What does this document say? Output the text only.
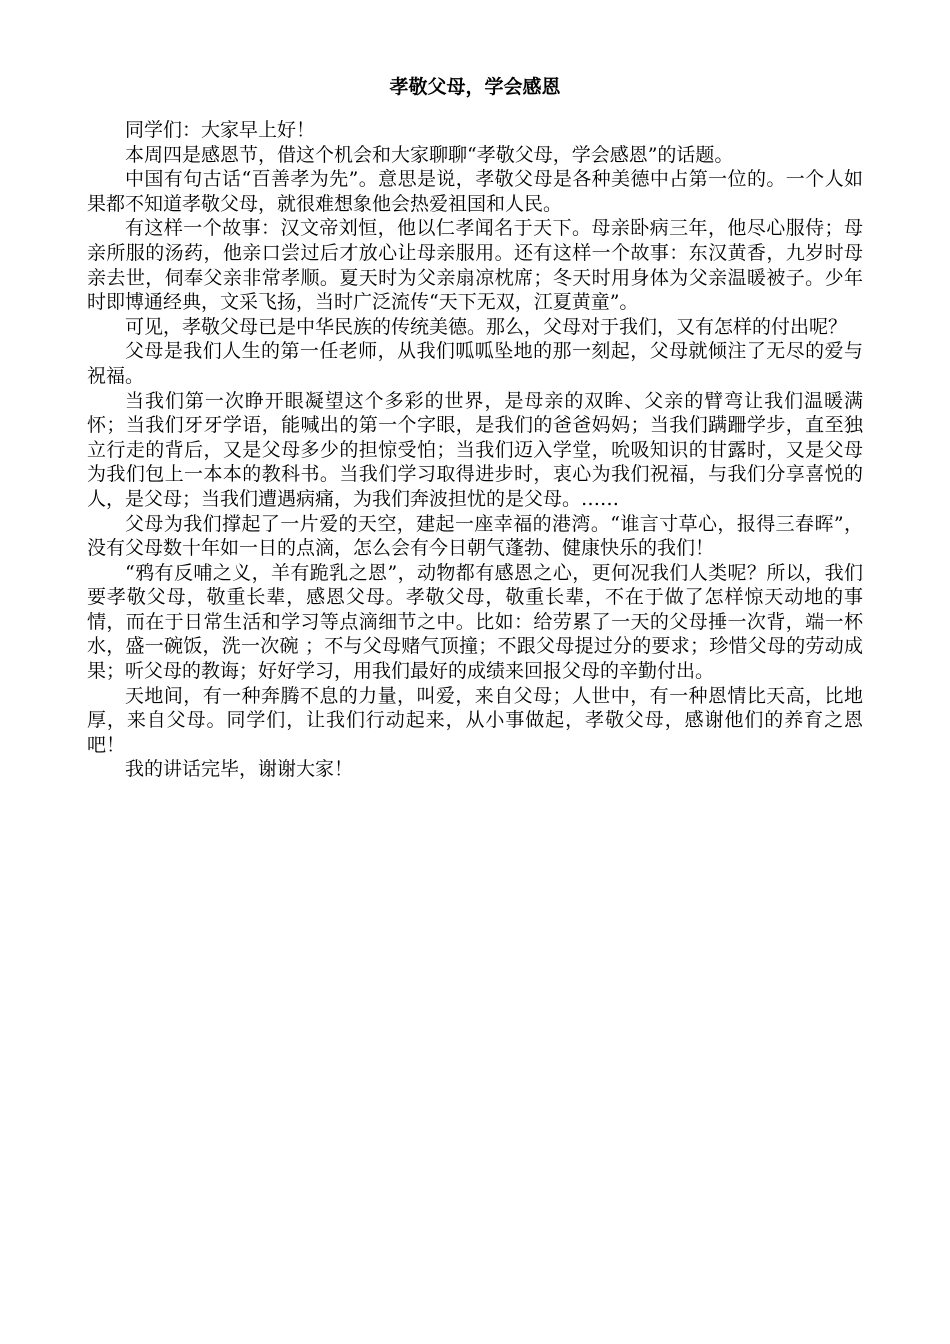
孝敬父母，学会感恩

同学们：大家早上好！

本周四是感恩节，借这个机会和大家聊聊“孝敬父母，学会感恩”的话题。

中国有句古话“百善孝为先”。意思是说，孝敬父母是各种美德中占第一位的。一个人如果都不知道孝敬父母，就很难想象他会热爱祖国和人民。

有这样一个故事：汉文帝刘恒，他以仁孝闻名于天下。母亲卧病三年，他尽心服侍；母亲所服的汤药，他亲口尝过后才放心让母亲服用。还有这样一个故事：东汉黄香，九岁时母亲去世，伺奉父亲非常孝顺。夏天时为父亲扇凉枕席；冬天时用身体为父亲温暖被子。少年时即博通经典，文采飞扬，当时广泛流传“天下无双，江夏黄童”。

可见，孝敬父母已是中华民族的传统美德。那么，父母对于我们，又有怎样的付出呢？

父母是我们人生的第一任老师，从我们呱呱坠地的那一刻起，父母就倾注了无尽的爱与祝福。

当我们第一次睁开眼凝望这个多彩的世界，是母亲的双眸、父亲的臂弯让我们温暖满怀；当我们牙牙学语，能喊出的第一个字眼，是我们的爸爸妈妈；当我们蹒跚学步，直至独立行走的背后，又是父母多少的担惊受怕；当我们迈入学堂，吮吸知识的甘露时，又是父母为我们包上一本本的教科书。当我们学习取得进步时，衷心为我们祝福，与我们分享喜悦的人，是父母；当我们遭遇病痛，为我们奔波担忧的是父母。……

父母为我们撑起了一片爱的天空，建起一座幸福的港湾。“谁言寸草心，报得三春晖”，没有父母数十年如一日的点滴，怎么会有今日朝气蓬勃、健康快乐的我们！

“鸦有反哺之义，羊有跪乳之恩”，动物都有感恩之心，更何况我们人类呢？所以，我们要孝敬父母，敬重长辈，感恩父母。孝敬父母，敬重长辈，不在于做了怎样惊天动地的事情，而在于日常生活和学习等点滴细节之中。比如：给劳累了一天的父母捶一次背，端一杯水，盛一碗饭，洗一次碗 ；不与父母赌气顶撞；不跟父母提过分的要求；珍惜父母的劳动成果；听父母的教诲；好好学习，用我们最好的成绩来回报父母的辛勤付出。

天地间，有一种奔腾不息的力量，叫爱，来自父母；人世中，有一种恩情比天高，比地厚，来自父母。同学们，让我们行动起来，从小事做起，孝敬父母，感谢他们的养育之恩吧！

我的讲话完毕，谢谢大家！
